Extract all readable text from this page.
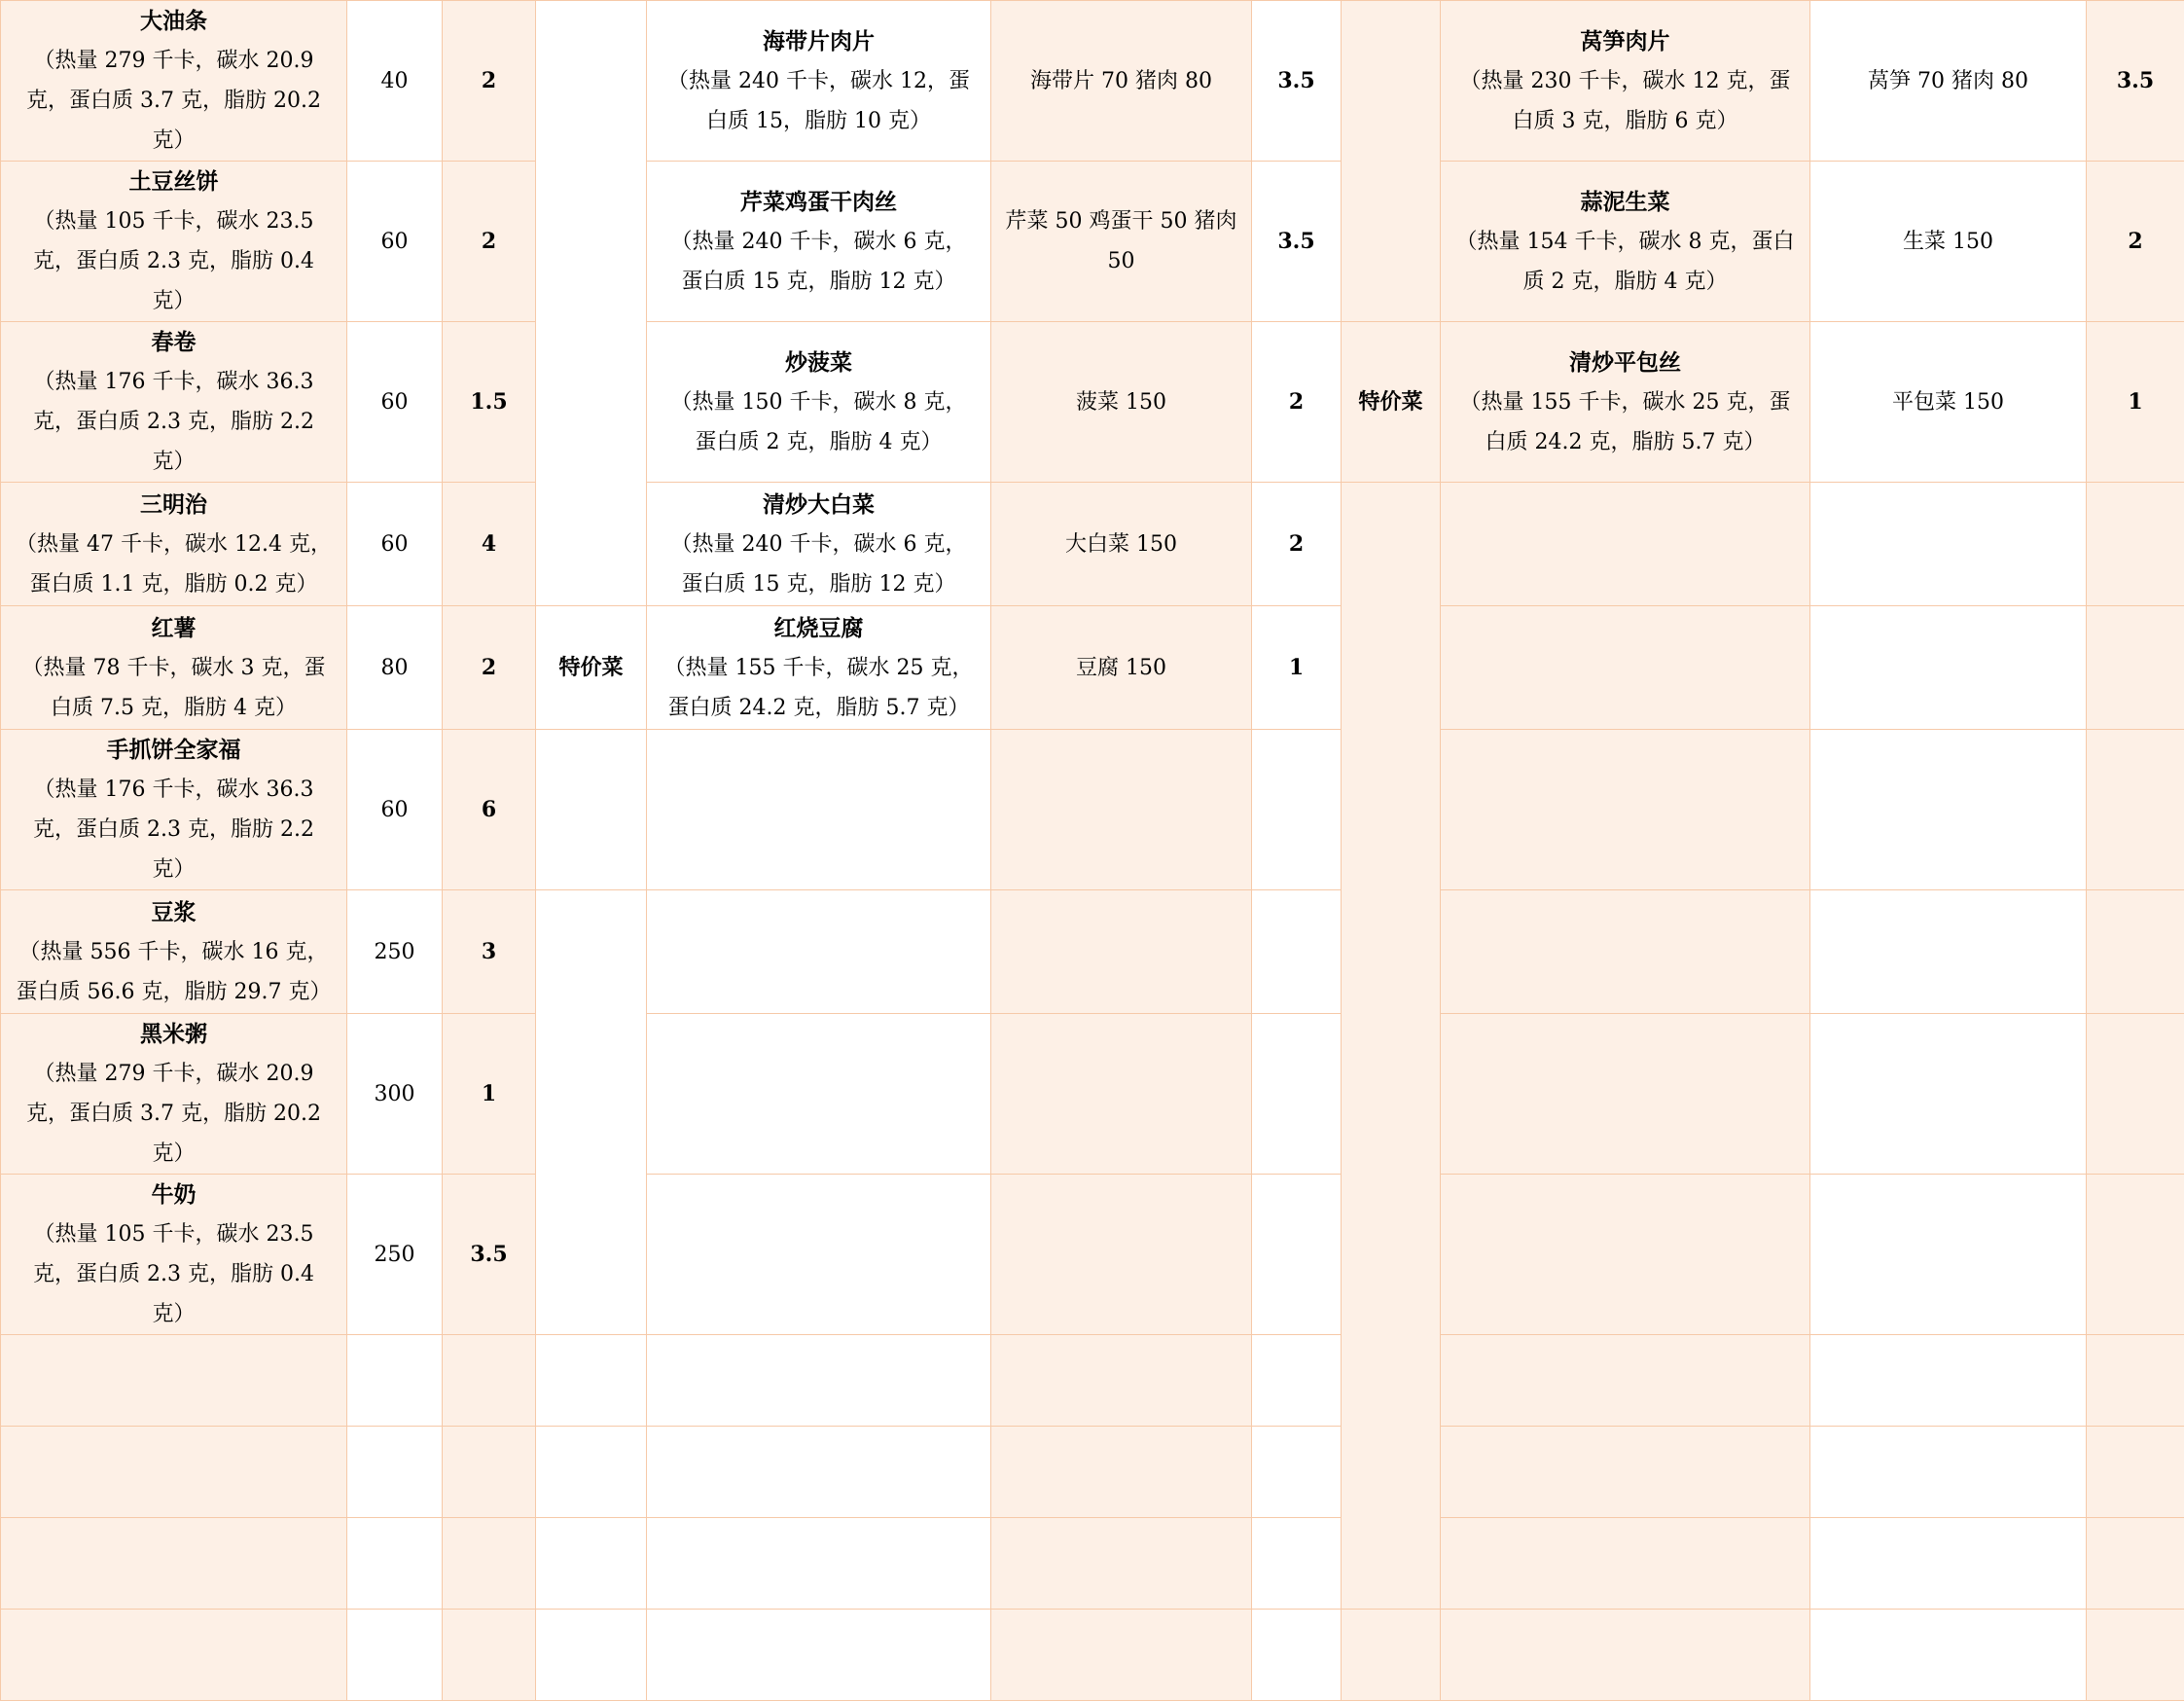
大油条
（热量 279 千卡，碳水 20.9 克，蛋白质 3.7 克，脂肪 20.2 克）	40	2		海带片肉片
（热量 240 千卡，碳水 12，蛋白质 15，脂肪 10 克）	海带片 70 猪肉 80	3.5		莴笋肉片
（热量 230 千卡，碳水 12 克，蛋白质 3 克，脂肪 6 克）	莴笋 70 猪肉 80	3.5

土豆丝饼
（热量 105 千卡，碳水 23.5 克，蛋白质 2.3 克，脂肪 0.4 克）	60	2		芹菜鸡蛋干肉丝
（热量 240 千卡，碳水 6 克，蛋白质 15 克，脂肪 12 克）	芹菜 50 鸡蛋干 50 猪肉 50	3.5		蒜泥生菜
（热量 154 千卡，碳水 8 克，蛋白质 2 克，脂肪 4 克）	生菜 150	2

春卷
（热量 176 千卡，碳水 36.3 克，蛋白质 2.3 克，脂肪 2.2 克）	60	1.5		炒菠菜
（热量 150 千卡，碳水 8 克，蛋白质 2 克，脂肪 4 克）	菠菜 150	2	特价菜	清炒平包丝
（热量 155 千卡，碳水 25 克，蛋白质 24.2 克，脂肪 5.7 克）	平包菜 150	1

三明治
（热量 47 千卡，碳水 12.4 克，蛋白质 1.1 克，脂肪 0.2 克）	60	4		清炒大白菜
（热量 240 千卡，碳水 6 克，蛋白质 15 克，脂肪 12 克）	大白菜 150	2				

红薯
（热量 78 千卡，碳水 3 克，蛋白质 7.5 克，脂肪 4 克）	80	2	特价菜	红烧豆腐
（热量 155 千卡，碳水 25 克，蛋白质 24.2 克，脂肪 5.7 克）	豆腐 150	1				

手抓饼全家福
（热量 176 千卡，碳水 36.3 克，蛋白质 2.3 克，脂肪 2.2 克）	60	6								

豆浆
（热量 556 千卡，碳水 16 克，蛋白质 56.6 克，脂肪 29.7 克）	250	3								

黑米粥
（热量 279 千卡，碳水 20.9 克，蛋白质 3.7 克，脂肪 20.2 克）	300	1								

牛奶
（热量 105 千卡，碳水 23.5 克，蛋白质 2.3 克，脂肪 0.4 克）	250	3.5								
